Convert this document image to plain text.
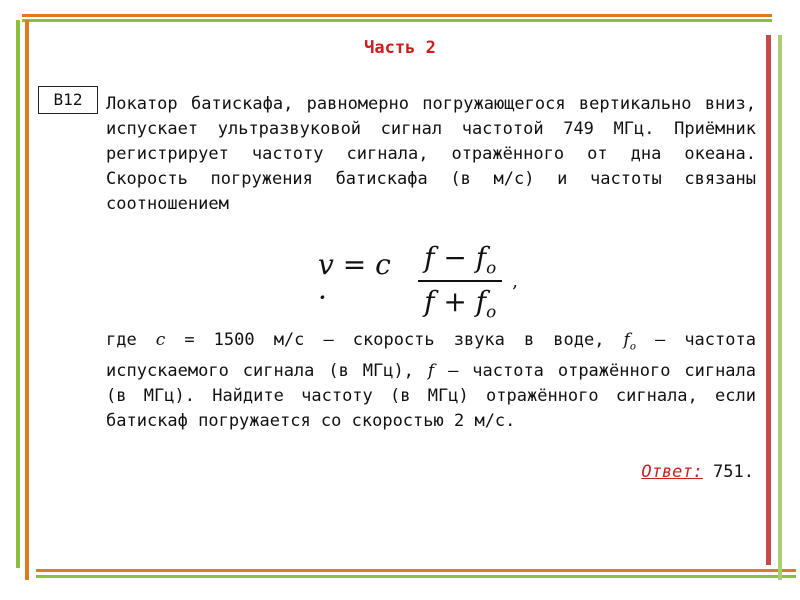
Часть 2
B12	Локатор батискафа, равномерно погружающегося вертикально вниз, испускает ультразвуковой сигнал частотой 749 МГц. Приёмник регистрирует частоту сигнала, отражённого от дна океана. Скорость погружения батискафа (в м/с) и частоты связаны соотношением

v = c ·	$\frac{f - f_o}{f + f_o}$ ,

где c = 1500 м/с – скорость звука в воде, $f_o$ – частота испускаемого сигнала (в МГц), f – частота отражённого сигнала (в МГц). Найдите частоту (в МГц) отражённого сигнала, если батискаф погружается со скоростью 2 м/с.

Ответ: 751.
